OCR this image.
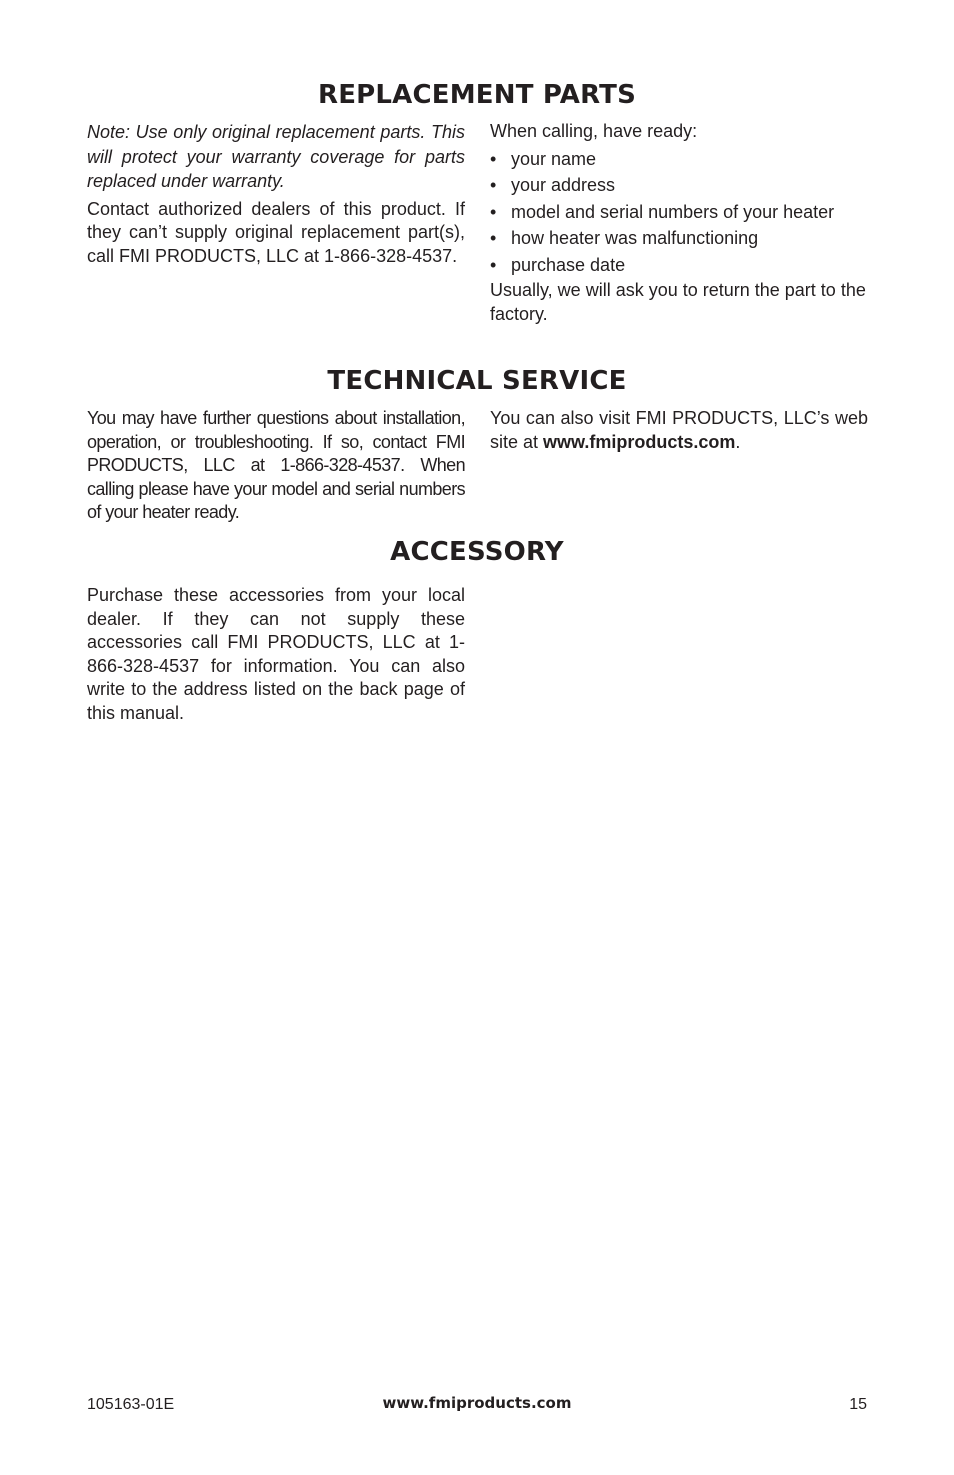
REPLACEMENT PARTS

Note: Use only original replacement parts. This will protect your warranty coverage for parts replaced under warranty.

Contact authorized dealers of this product. If they can’t supply original replacement part(s), call FMI PRODUCTS, LLC at 1-866-328-4537.

When calling, have ready:

• your name
• your address
• model and serial numbers of your heater
• how heater was malfunctioning
• purchase date

Usually, we will ask you to return the part to the factory.

TECHNICAL SERVICE

You may have further questions about installation, operation, or troubleshooting. If so, contact FMI PRODUCTS, LLC at 1-866-328-4537. When calling please have your model and serial numbers of your heater ready.

You can also visit FMI PRODUCTS, LLC’s web site at www.fmiproducts.com.

ACCESSORY

Purchase these accessories from your local dealer. If they can not supply these accessories call FMI PRODUCTS, LLC at 1-866-328-4537 for information. You can also write to the address listed on the back page of this manual.

105163-01E	www.fmiproducts.com	15
